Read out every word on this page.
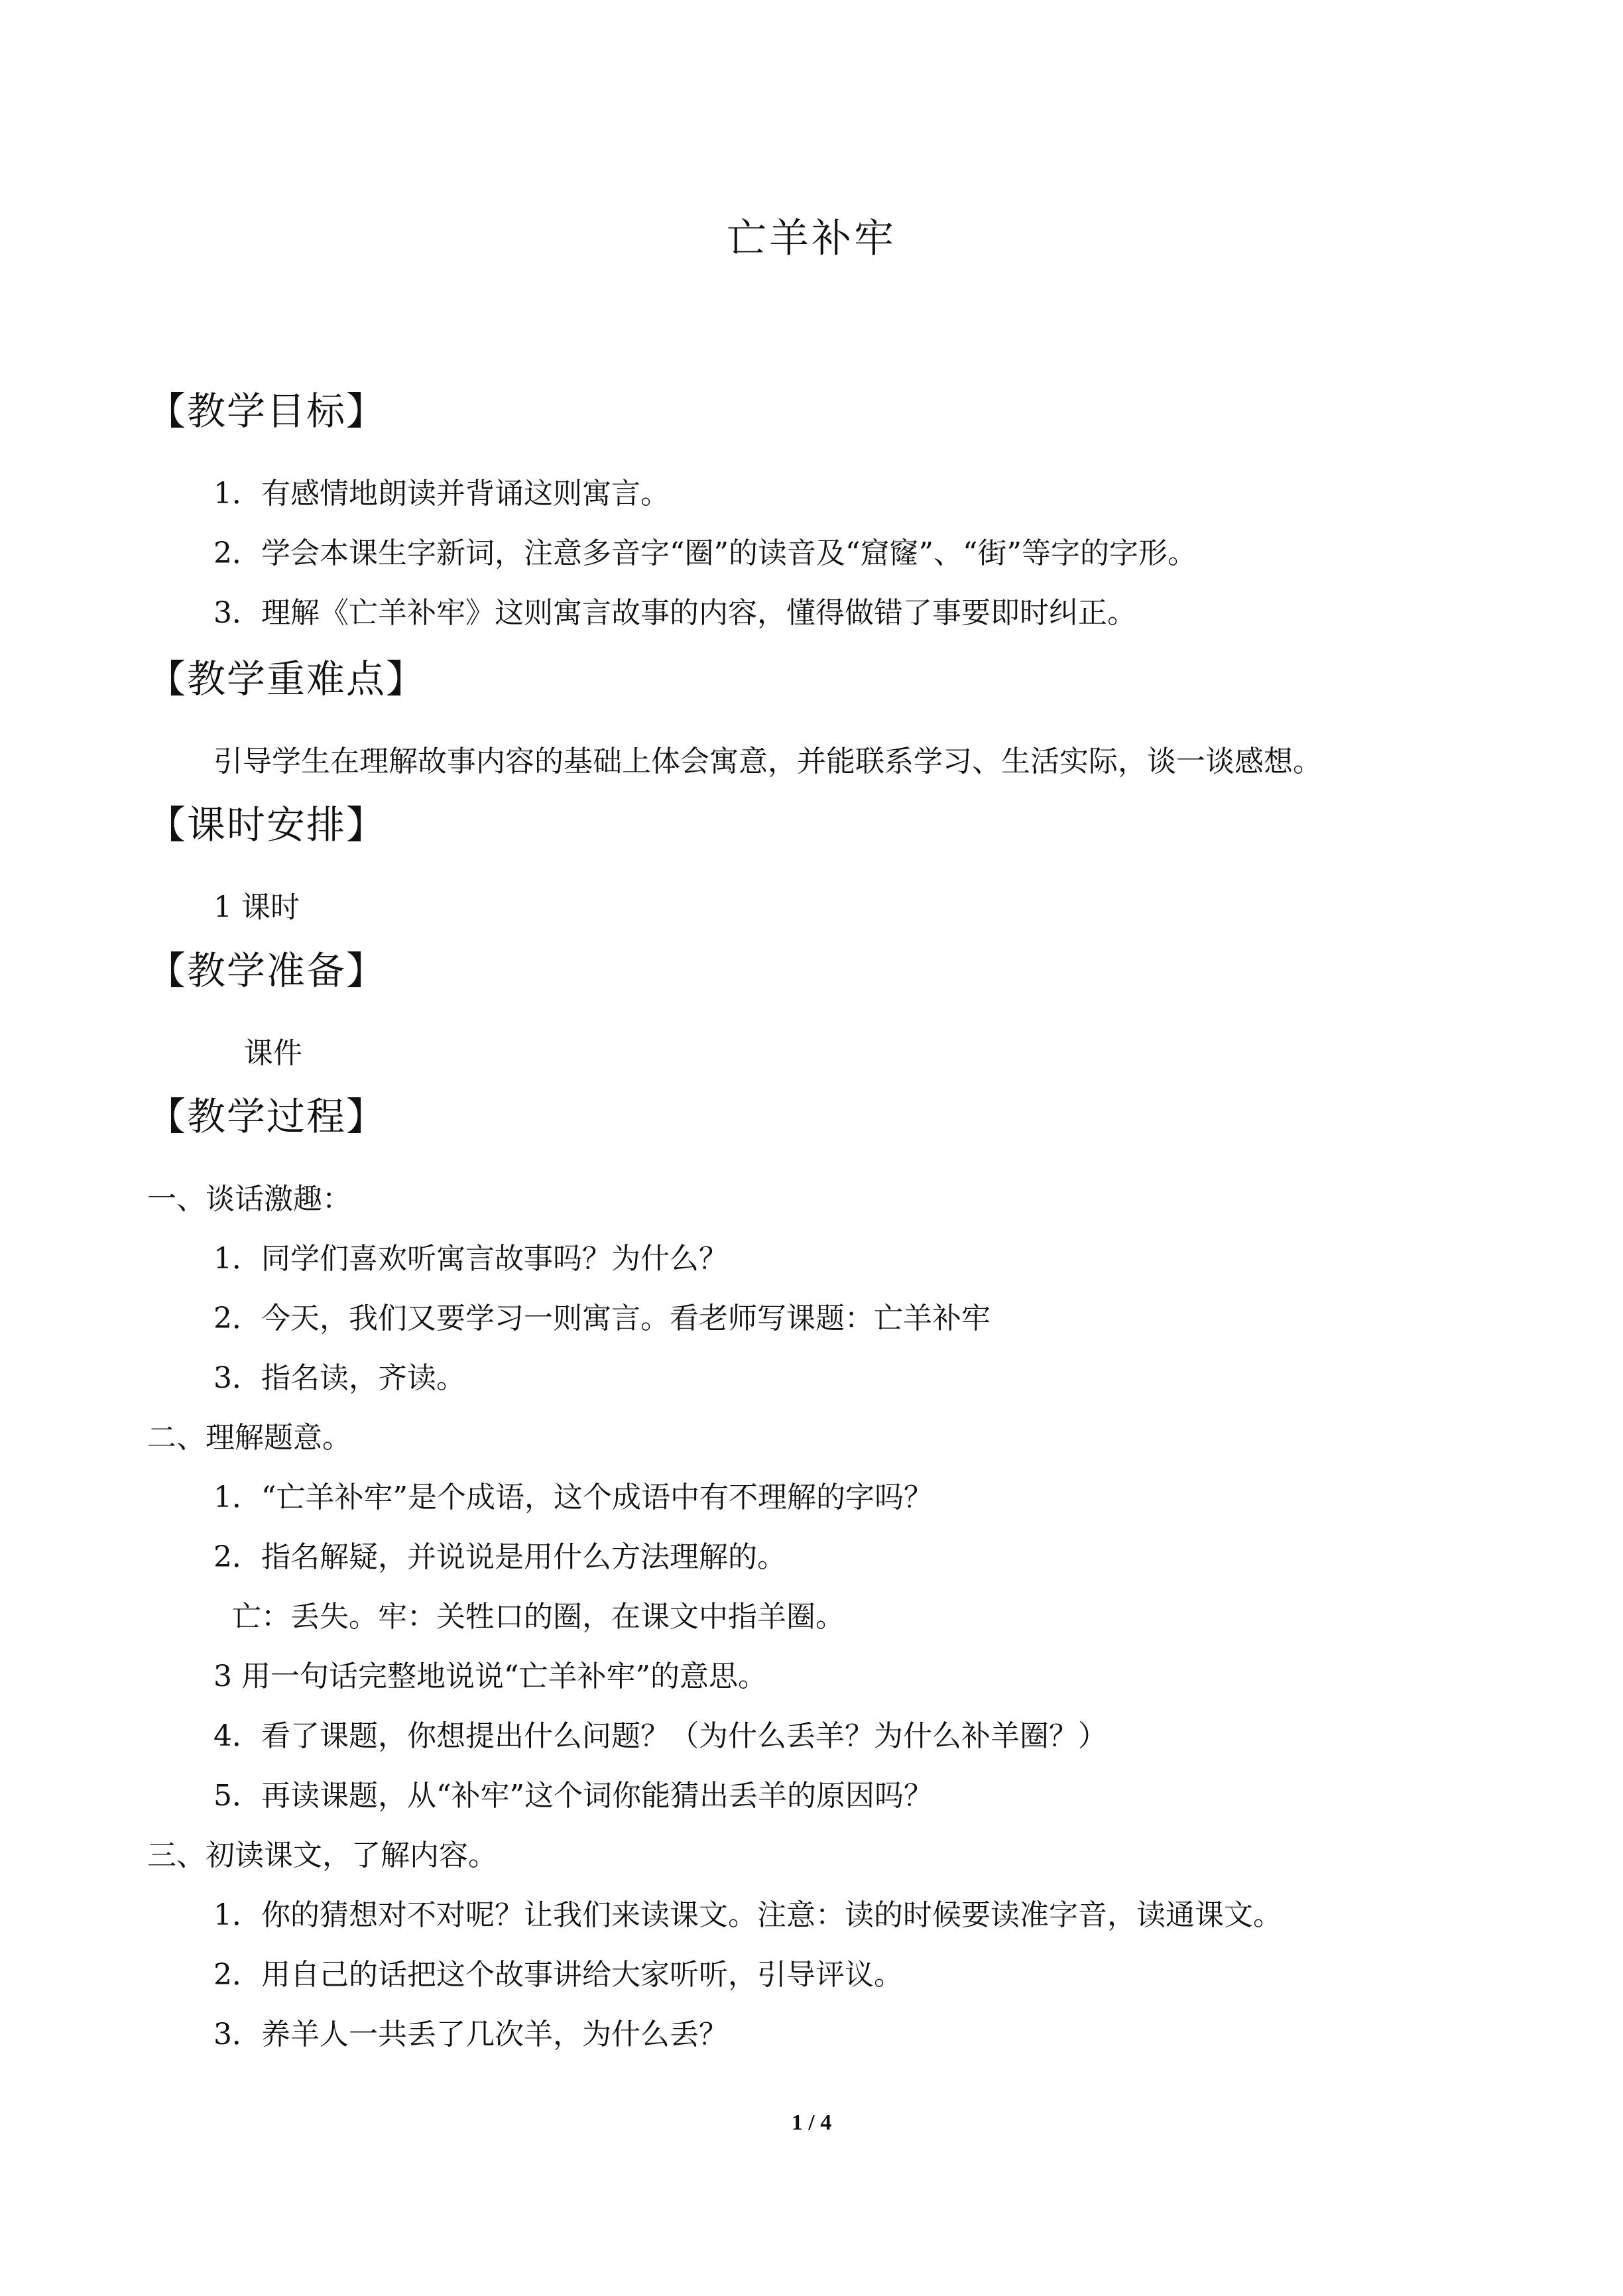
亡羊补牢
【教学目标】
1．有感情地朗读并背诵这则寓言。
2．学会本课生字新词，注意多音字“圈”的读音及“窟窿”、“街”等字的字形。
3．理解《亡羊补牢》这则寓言故事的内容，懂得做错了事要即时纠正。
【教学重难点】
引导学生在理解故事内容的基础上体会寓意，并能联系学习、生活实际，谈一谈感想。
【课时安排】
1 课时
【教学准备】
课件
【教学过程】
一、谈话激趣：
1．同学们喜欢听寓言故事吗？为什么？
2．今天，我们又要学习一则寓言。看老师写课题：亡羊补牢
3．指名读，齐读。
二、理解题意。
1．“亡羊补牢”是个成语，这个成语中有不理解的字吗？
2．指名解疑，并说说是用什么方法理解的。
亡：丢失。牢：关牲口的圈，在课文中指羊圈。
3 用一句话完整地说说“亡羊补牢”的意思。
4．看了课题，你想提出什么问题？（为什么丢羊？为什么补羊圈？）
5．再读课题，从“补牢”这个词你能猜出丢羊的原因吗？
三、初读课文，了解内容。
1．你的猜想对不对呢？让我们来读课文。注意：读的时候要读准字音，读通课文。
2．用自己的话把这个故事讲给大家听听，引导评议。
3．养羊人一共丢了几次羊，为什么丢？
1 / 4
